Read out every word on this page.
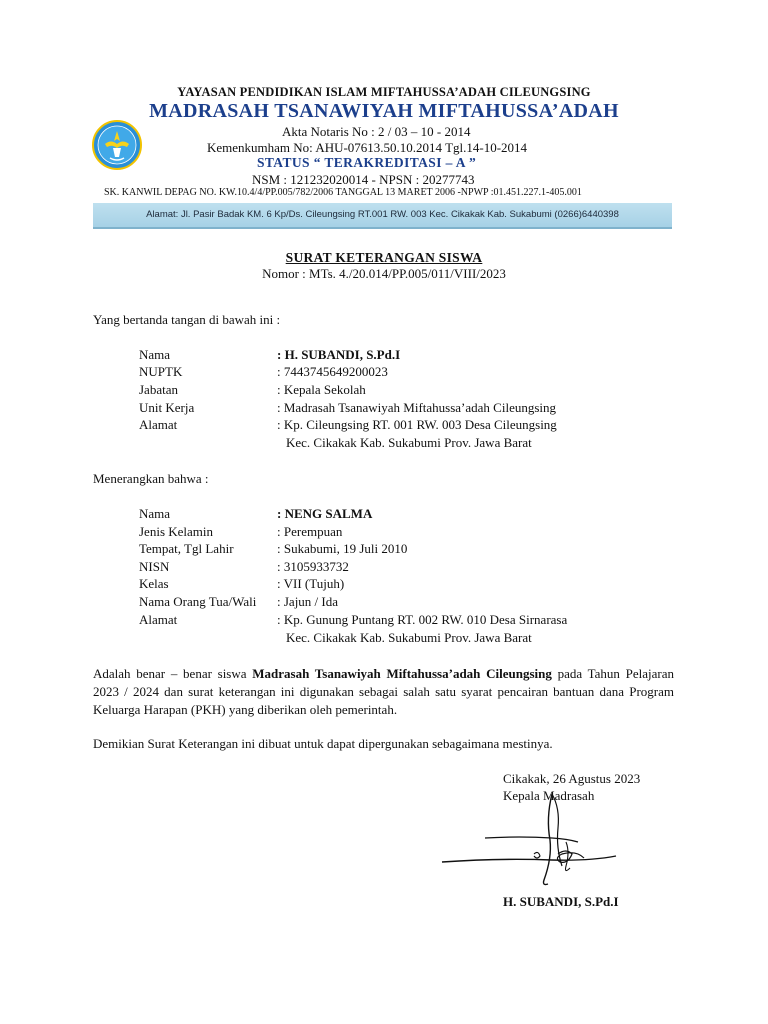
YAYASAN PENDIDIKAN ISLAM MIFTAHUSSA’ADAH CILEUNGSING
MADRASAH TSANAWIYAH MIFTAHUSSA’ADAH
Akta Notaris No : 2 / 03 – 10 - 2014
Kemenkumham No: AHU-07613.50.10.2014 Tgl.14-10-2014
STATUS “ TERAKREDITASI – A ”
NSM : 121232020014 - NPSN : 20277743
SK. KANWIL DEPAG NO. KW.10.4/4/PP.005/782/2006 TANGGAL 13 MARET 2006 -NPWP :01.451.227.1-405.001
Alamat: Jl. Pasir Badak KM. 6 Kp/Ds. Cileungsing RT.001 RW. 003 Kec. Cikakak Kab. Sukabumi (0266)6440398
SURAT KETERANGAN SISWA
Nomor : MTs. 4./20.014/PP.005/011/VIII/2023
Yang bertanda tangan di bawah ini :
Nama	: H. SUBANDI, S.Pd.I
NUPTK	: 7443745649200023
Jabatan	: Kepala Sekolah
Unit Kerja	: Madrasah Tsanawiyah Miftahussa’adah Cileungsing
Alamat	: Kp. Cileungsing RT. 001 RW. 003 Desa Cileungsing
Kec. Cikakak Kab. Sukabumi Prov. Jawa Barat
Menerangkan bahwa :
Nama	: NENG SALMA
Jenis Kelamin	: Perempuan
Tempat, Tgl Lahir	: Sukabumi, 19 Juli 2010
NISN	: 3105933732
Kelas	: VII (Tujuh)
Nama Orang Tua/Wali : Jajun / Ida
Alamat	: Kp. Gunung Puntang RT. 002 RW. 010 Desa Sirnarasa
Kec. Cikakak Kab. Sukabumi Prov. Jawa Barat
Adalah benar – benar siswa Madrasah Tsanawiyah Miftahussa’adah Cileungsing pada Tahun Pelajaran 2023 / 2024 dan surat keterangan ini digunakan sebagai salah satu syarat pencairan bantuan dana Program Keluarga Harapan (PKH) yang diberikan oleh pemerintah.
Demikian Surat Keterangan ini dibuat untuk dapat dipergunakan sebagaimana mestinya.
Cikakak, 26 Agustus 2023
Kepala Madrasah
H. SUBANDI, S.Pd.I
